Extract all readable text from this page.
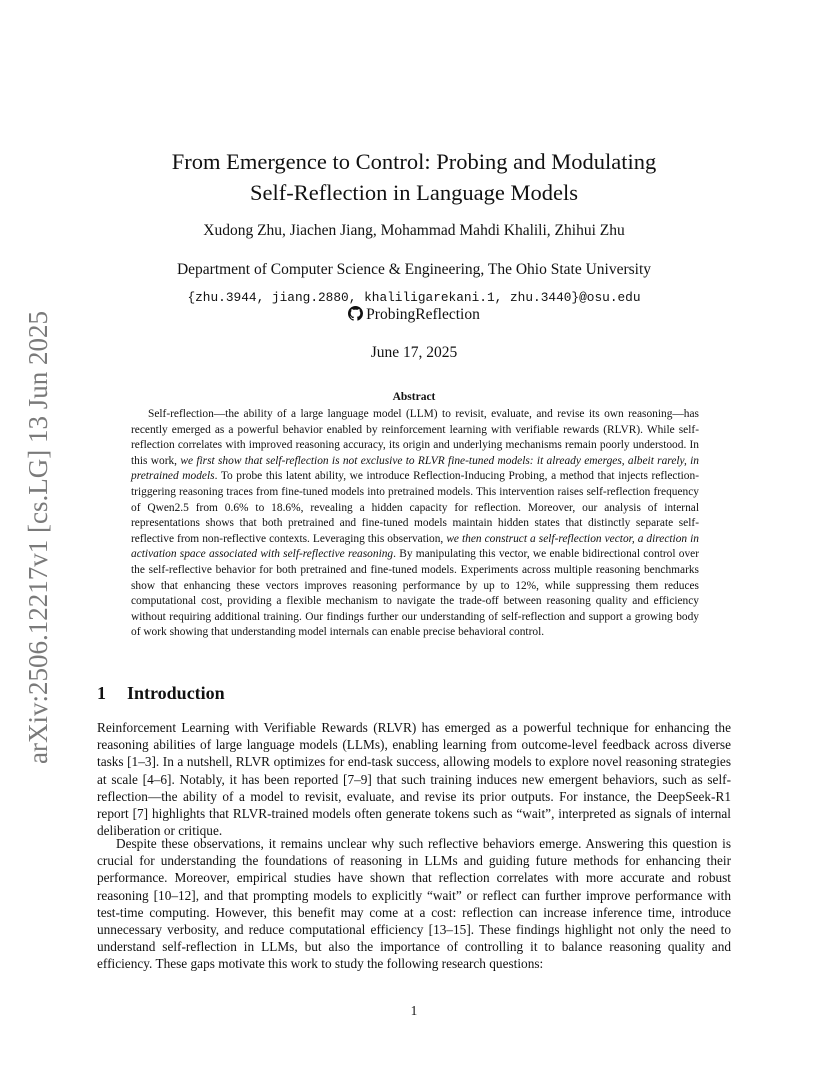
arXiv:2506.12217v1 [cs.LG] 13 Jun 2025
From Emergence to Control: Probing and Modulating
Self-Reflection in Language Models
Xudong Zhu, Jiachen Jiang, Mohammad Mahdi Khalili, Zhihui Zhu
Department of Computer Science & Engineering, The Ohio State University
{zhu.3944, jiang.2880, khaliligarekani.1, zhu.3440}@osu.edu
ProbingReflection
June 17, 2025
Abstract

Self-reflection—the ability of a large language model (LLM) to revisit, evaluate, and revise its own reasoning—has recently emerged as a powerful behavior enabled by reinforcement learning with verifiable rewards (RLVR). While self-reflection correlates with improved reasoning accuracy, its origin and underlying mechanisms remain poorly understood. In this work, we first show that self-reflection is not exclusive to RLVR fine-tuned models: it already emerges, albeit rarely, in pretrained models. To probe this latent ability, we introduce Reflection-Inducing Probing, a method that injects reflection-triggering reasoning traces from fine-tuned models into pretrained models. This intervention raises self-reflection frequency of Qwen2.5 from 0.6% to 18.6%, revealing a hidden capacity for reflection. Moreover, our analysis of internal representations shows that both pretrained and fine-tuned models maintain hidden states that distinctly separate self-reflective from non-reflective contexts. Leveraging this observation, we then construct a self-reflection vector, a direction in activation space associated with self-reflective reasoning. By manipulating this vector, we enable bidirectional control over the self-reflective behavior for both pretrained and fine-tuned models. Experiments across multiple reasoning benchmarks show that enhancing these vectors improves reasoning performance by up to 12%, while suppressing them reduces computational cost, providing a flexible mechanism to navigate the trade-off between reasoning quality and efficiency without requiring additional training. Our findings further our understanding of self-reflection and support a growing body of work showing that understanding model internals can enable precise behavioral control.

1 Introduction

Reinforcement Learning with Verifiable Rewards (RLVR) has emerged as a powerful technique for enhancing the reasoning abilities of large language models (LLMs), enabling learning from outcome-level feedback across diverse tasks [1–3]. In a nutshell, RLVR optimizes for end-task success, allowing models to explore novel reasoning strategies at scale [4–6]. Notably, it has been reported [7–9] that such training induces new emergent behaviors, such as self-reflection—the ability of a model to revisit, evaluate, and revise its prior outputs. For instance, the DeepSeek-R1 report [7] highlights that RLVR-trained models often generate tokens such as “wait”, interpreted as signals of internal deliberation or critique.

Despite these observations, it remains unclear why such reflective behaviors emerge. Answering this question is crucial for understanding the foundations of reasoning in LLMs and guiding future methods for enhancing their performance. Moreover, empirical studies have shown that reflection correlates with more accurate and robust reasoning [10–12], and that prompting models to explicitly “wait” or reflect can further improve performance with test-time computing. However, this benefit may come at a cost: reflection can increase inference time, introduce unnecessary verbosity, and reduce computational efficiency [13–15]. These findings highlight not only the need to understand self-reflection in LLMs, but also the importance of controlling it to balance reasoning quality and efficiency. These gaps motivate this work to study the following research questions:

1
